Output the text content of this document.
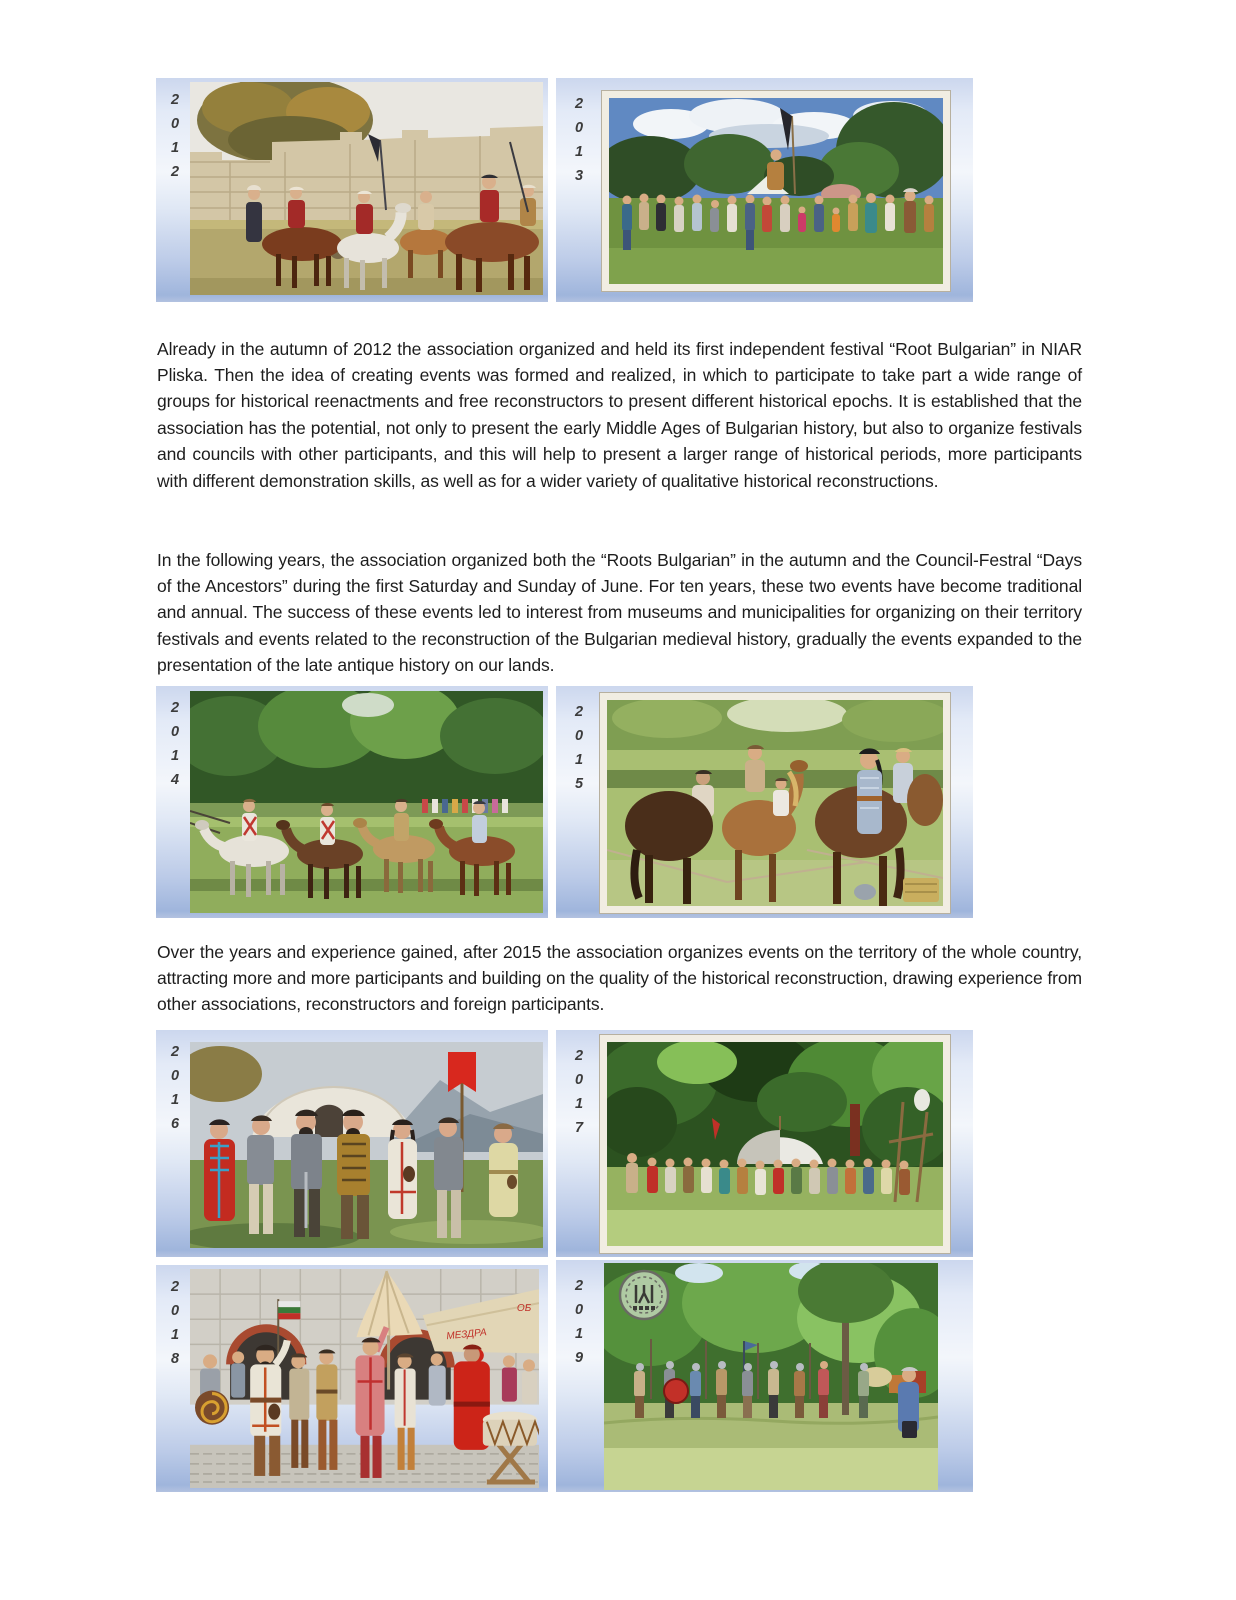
2012
2013

Already in the autumn of 2012 the association organized and held its first independent festival “Root Bulgarian” in NIAR Pliska. Then the idea of creating events was formed and realized, in which to participate to take part a wide range of groups for historical reenactments and free reconstructors to present different historical epochs. It is established that the association has the potential, not only to present the early Middle Ages of Bulgarian history, but also to organize festivals and councils with other participants, and this will help to present a larger range of historical periods, more participants with different demonstration skills, as well as for a wider variety of qualitative historical reconstructions.

In the following years, the association organized both the “Roots Bulgarian” in the autumn and the Council-Festral “Days of the Ancestors” during the first Saturday and Sunday of June. For ten years, these two events have become traditional and annual. The success of these events led to interest from museums and municipalities for organizing on their territory festivals and events related to the reconstruction of the Bulgarian medieval history, gradually the events expanded to the presentation of the late antique history on our lands.

2014
2015

Over the years and experience gained, after 2015 the association organizes events on the territory of the whole country, attracting more and more participants and building on the quality of the historical reconstruction, drawing experience from other associations, reconstructors and foreign participants.

2016
2017
2018
МЕЗДРА
ОБ
2019
